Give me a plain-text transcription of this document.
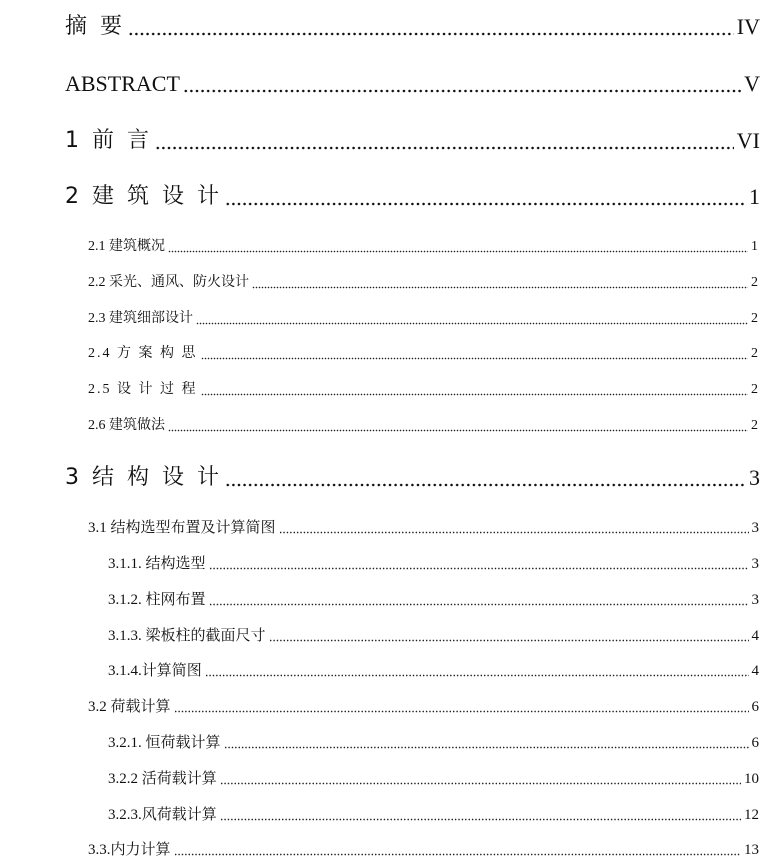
摘 要	IV
ABSTRACT	V
1 前 言	VI
2 建 筑 设 计	1
2.1 建筑概况	1
2.2 采光、通风、防火设计	2
2.3 建筑细部设计	2
2.4 方 案 构 思	2
2.5 设 计 过 程	2
2.6 建筑做法	2
3 结 构 设 计	3
3.1 结构选型布置及计算简图	3
3.1.1. 结构选型	3
3.1.2. 柱网布置	3
3.1.3. 梁板柱的截面尺寸	4
3.1.4.计算简图	4
3.2 荷载计算	6
3.2.1. 恒荷载计算	6
3.2.2 活荷载计算	10
3.2.3.风荷载计算	12
3.3.内力计算	13
